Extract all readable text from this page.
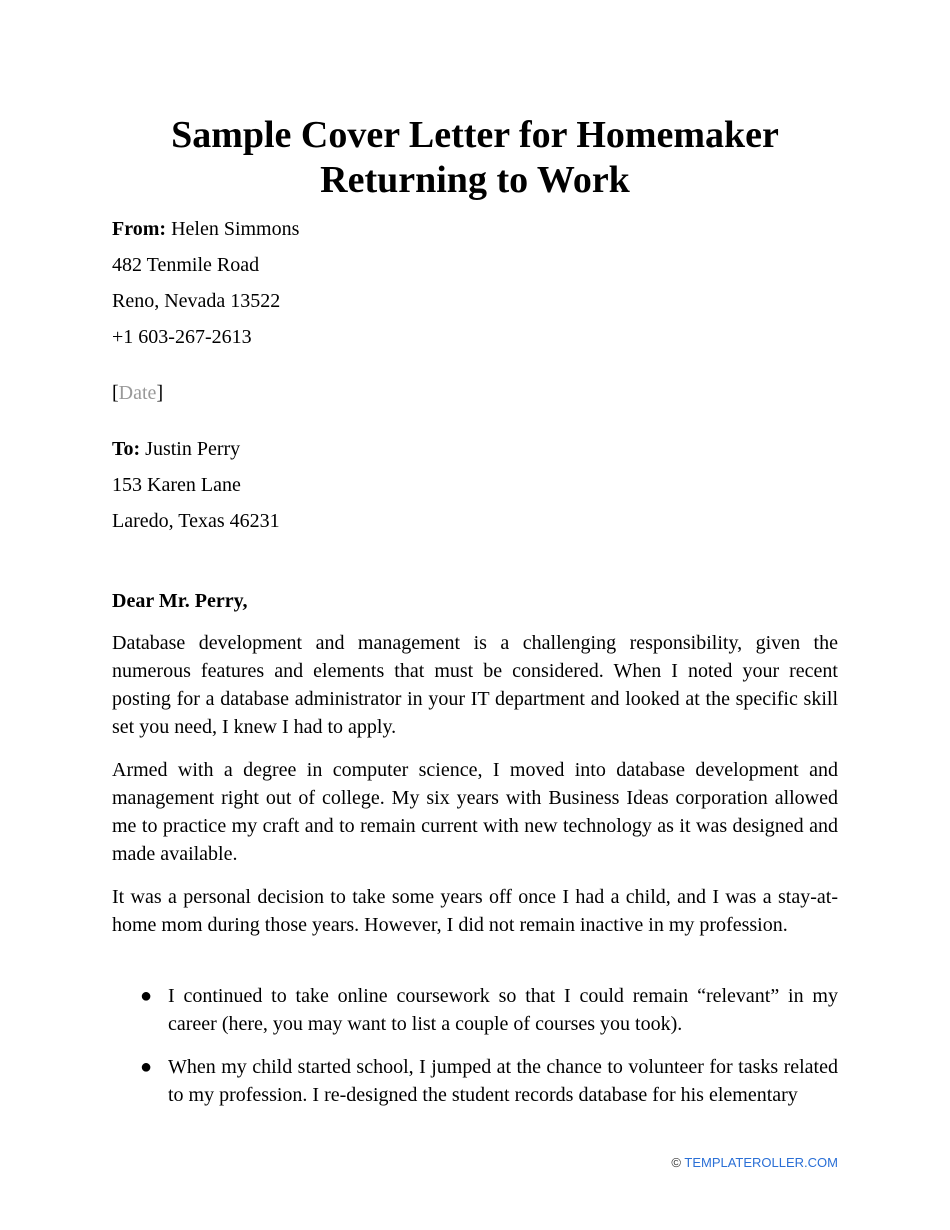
Sample Cover Letter for Homemaker
Returning to Work
From: Helen Simmons
482 Tenmile Road
Reno, Nevada 13522
+1 603-267-2613
[Date]
To: Justin Perry
153 Karen Lane
Laredo, Texas 46231
Dear Mr. Perry,

Database development and management is a challenging responsibility, given the numerous features and elements that must be considered. When I noted your recent posting for a database administrator in your IT department and looked at the specific skill set you need, I knew I had to apply.

Armed with a degree in computer science, I moved into database development and management right out of college. My six years with Business Ideas corporation allowed me to practice my craft and to remain current with new technology as it was designed and made available.

It was a personal decision to take some years off once I had a child, and I was a stay-at-home mom during those years. However, I did not remain inactive in my profession.

● I continued to take online coursework so that I could remain “relevant” in my career (here, you may want to list a couple of courses you took).
● When my child started school, I jumped at the chance to volunteer for tasks related to my profession. I re-designed the student records database for his elementary
© TEMPLATEROLLER.COM
